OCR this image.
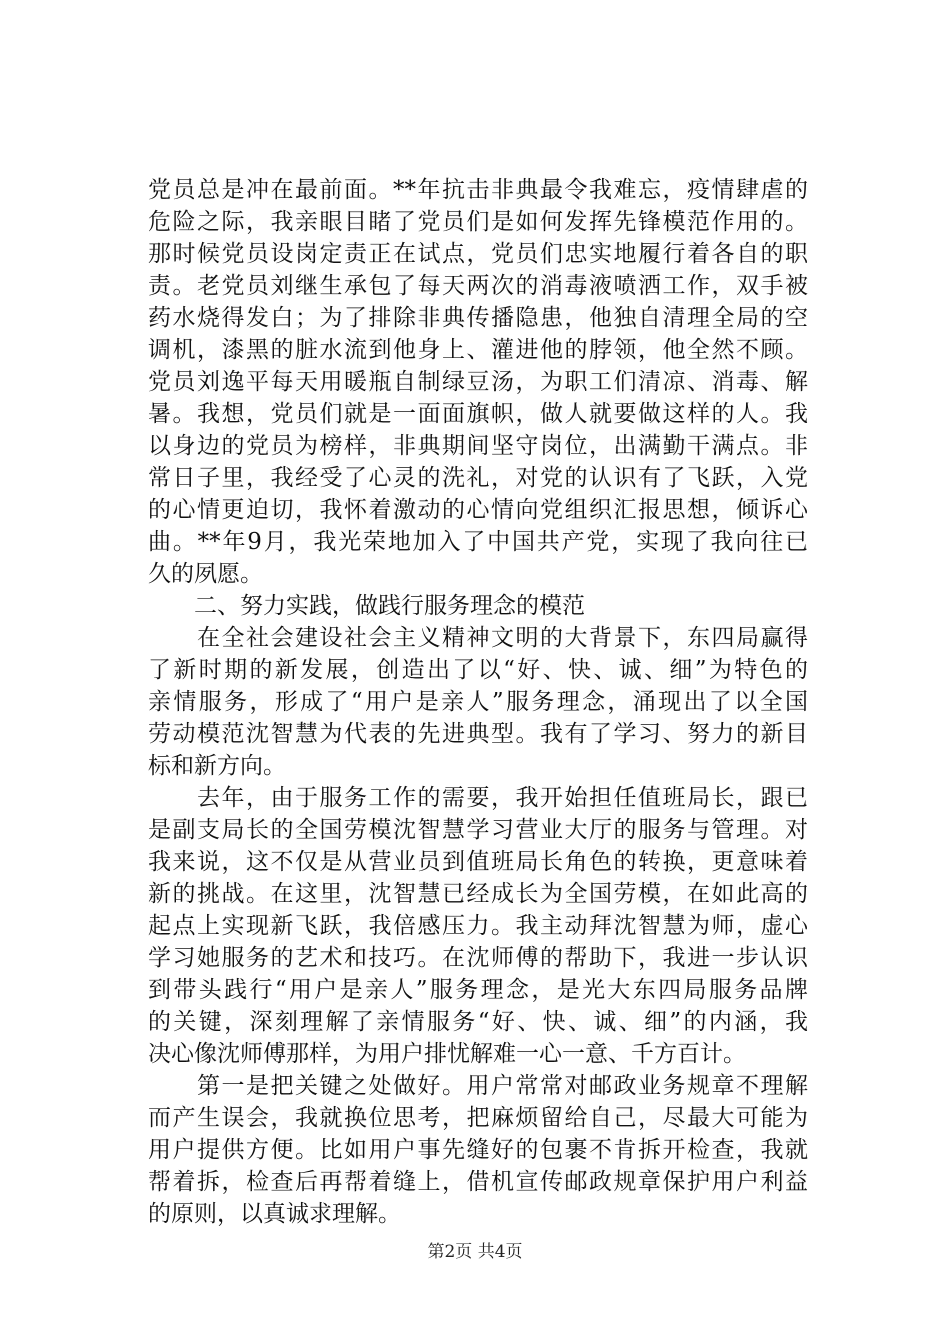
党员总是冲在最前面。**年抗击非典最令我难忘，疫情肆虐的
危险之际，我亲眼目睹了党员们是如何发挥先锋模范作用的。
那时候党员设岗定责正在试点，党员们忠实地履行着各自的职
责。老党员刘继生承包了每天两次的消毒液喷洒工作，双手被
药水烧得发白；为了排除非典传播隐患，他独自清理全局的空
调机，漆黑的脏水流到他身上、灌进他的脖领，他全然不顾。
党员刘逸平每天用暖瓶自制绿豆汤，为职工们清凉、消毒、解
暑。我想，党员们就是一面面旗帜，做人就要做这样的人。我
以身边的党员为榜样，非典期间坚守岗位，出满勤干满点。非
常日子里，我经受了心灵的洗礼，对党的认识有了飞跃，入党
的心情更迫切，我怀着激动的心情向党组织汇报思想，倾诉心
曲。**年9月，我光荣地加入了中国共产党，实现了我向往已
久的夙愿。
　　二、努力实践，做践行服务理念的模范
　　在全社会建设社会主义精神文明的大背景下，东四局赢得
了新时期的新发展，创造出了以“好、快、诚、细”为特色的
亲情服务，形成了“用户是亲人”服务理念，涌现出了以全国
劳动模范沈智慧为代表的先进典型。我有了学习、努力的新目
标和新方向。
　　去年，由于服务工作的需要，我开始担任值班局长，跟已
是副支局长的全国劳模沈智慧学习营业大厅的服务与管理。对
我来说，这不仅是从营业员到值班局长角色的转换，更意味着
新的挑战。在这里，沈智慧已经成长为全国劳模，在如此高的
起点上实现新飞跃，我倍感压力。我主动拜沈智慧为师，虚心
学习她服务的艺术和技巧。在沈师傅的帮助下，我进一步认识
到带头践行“用户是亲人”服务理念，是光大东四局服务品牌
的关键，深刻理解了亲情服务“好、快、诚、细”的内涵，我
决心像沈师傅那样，为用户排忧解难一心一意、千方百计。
　　第一是把关键之处做好。用户常常对邮政业务规章不理解
而产生误会，我就换位思考，把麻烦留给自己，尽最大可能为
用户提供方便。比如用户事先缝好的包裹不肯拆开检查，我就
帮着拆，检查后再帮着缝上，借机宣传邮政规章保护用户利益
的原则，以真诚求理解。
第2页 共4页
